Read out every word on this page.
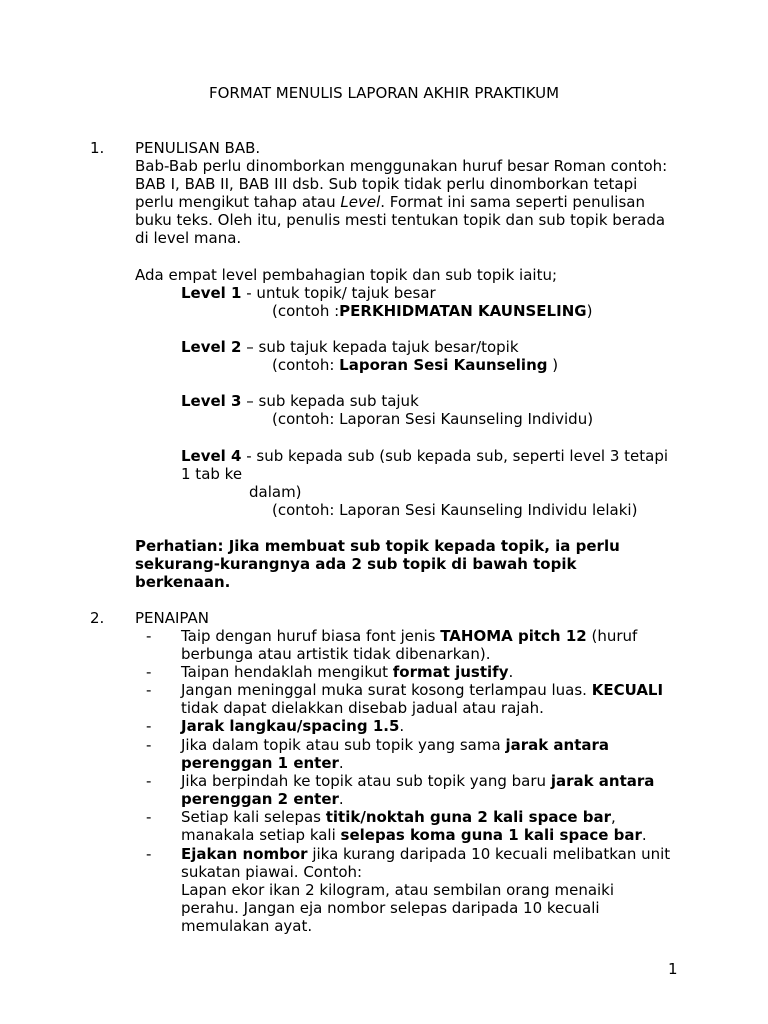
FORMAT MENULIS LAPORAN AKHIR PRAKTIKUM
1. PENULISAN BAB.
Bab-Bab perlu dinomborkan menggunakan huruf besar Roman contoh:
BAB I, BAB II, BAB III dsb. Sub topik tidak perlu dinomborkan tetapi
perlu mengikut tahap atau Level. Format ini sama seperti penulisan
buku teks. Oleh itu, penulis mesti tentukan topik dan sub topik berada
di level mana.
Ada empat level pembahagian topik dan sub topik iaitu;
Level 1 - untuk topik/ tajuk besar
(contoh :PERKHIDMATAN KAUNSELING)
Level 2 – sub tajuk kepada tajuk besar/topik
(contoh: Laporan Sesi Kaunseling )
Level 3 – sub kepada sub tajuk
(contoh: Laporan Sesi Kaunseling Individu)
Level 4 - sub kepada sub (sub kepada sub, seperti level 3 tetapi
1 tab ke
dalam)
(contoh: Laporan Sesi Kaunseling Individu lelaki)
Perhatian: Jika membuat sub topik kepada topik, ia perlu
sekurang-kurangnya ada 2 sub topik di bawah topik
berkenaan.
2. PENAIPAN
- Taip dengan huruf biasa font jenis TAHOMA pitch 12 (huruf
berbunga atau artistik tidak dibenarkan).
- Taipan hendaklah mengikut format justify.
- Jangan meninggal muka surat kosong terlampau luas. KECUALI
tidak dapat dielakkan disebab jadual atau rajah.
- Jarak langkau/spacing 1.5.
- Jika dalam topik atau sub topik yang sama jarak antara
perenggan 1 enter.
- Jika berpindah ke topik atau sub topik yang baru jarak antara
perenggan 2 enter.
- Setiap kali selepas titik/noktah guna 2 kali space bar,
manakala setiap kali selepas koma guna 1 kali space bar.
- Ejakan nombor jika kurang daripada 10 kecuali melibatkan unit
sukatan piawai. Contoh:
Lapan ekor ikan 2 kilogram, atau sembilan orang menaiki
perahu. Jangan eja nombor selepas daripada 10 kecuali
memulakan ayat.
1
